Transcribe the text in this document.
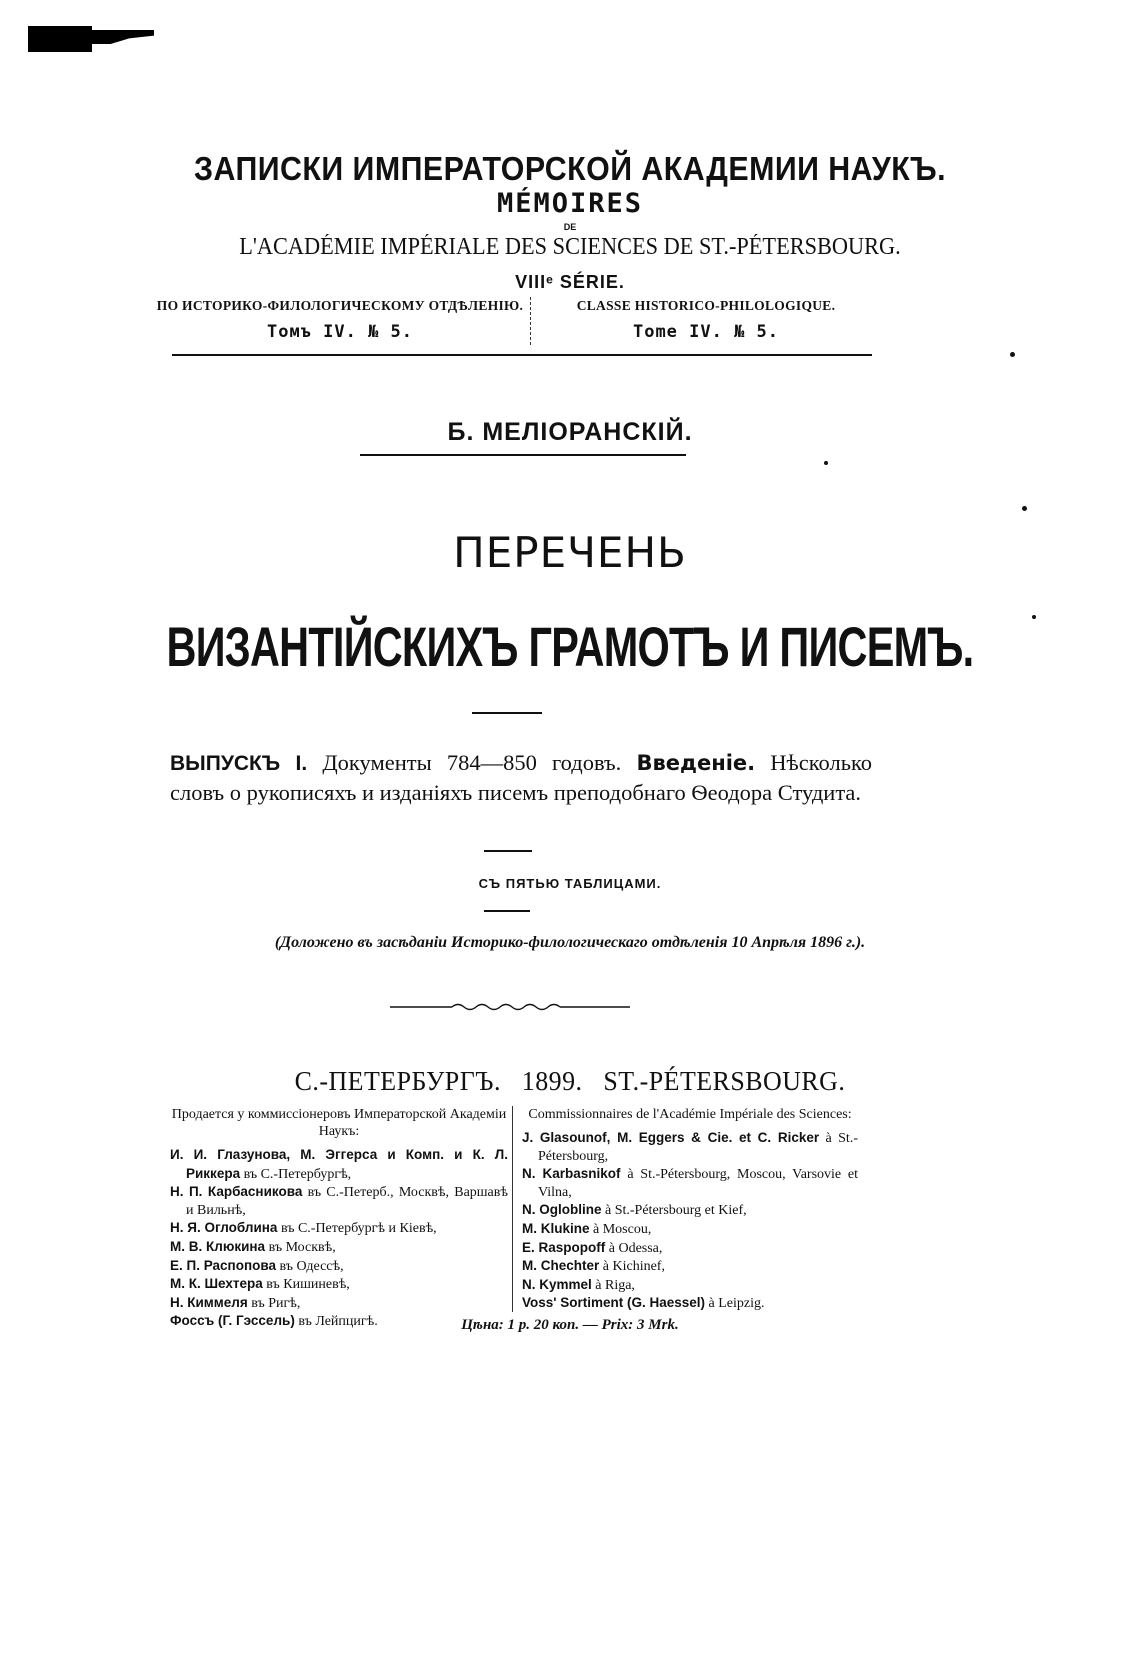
ЗАПИСКИ ИМПЕРАТОРСКОЙ АКАДЕМИИ НАУКЪ.
MÉMOIRES
DE
L'ACADÉMIE IMPÉRIALE DES SCIENCES DE ST.-PÉTERSBOURG.
VIIIᵉ SÉRIE.
ПО ИСТОРИКО-ФИЛОЛОГИЧЕСКОМУ ОТДѢЛЕНІЮ.
Томъ IV. № 5.
CLASSE HISTORICO-PHILOLOGIQUE.
Tome IV. № 5.
Б. МЕЛІОРАНСКІЙ.
ПЕРЕЧЕНЬ
ВИЗАНТІЙСКИХЪ ГРАМОТЪ И ПИСЕМЪ.
ВЫПУСКЪ I. Документы 784—850 годовъ. Введеніе. Нѣсколько словъ о рукописяхъ и изданіяхъ писемъ преподобнаго Ѳеодора Студита.
СЪ ПЯТЬЮ ТАБЛИЦАМИ.
(Доложено въ засѣданіи Историко-филологическаго отдѣленія 10 Апрѣля 1896 г.).
С.-ПЕТЕРБУРГЪ. 1899. ST.-PÉTERSBOURG.
Продается у коммиссіонеровъ Императорской Академіи Наукъ:
И. И. Глазунова, М. Эггерса и Комп. и К. Л. Риккера въ С.-Петербургѣ,
Н. П. Карбасникова въ С.-Петерб., Москвѣ, Варшавѣ и Вильнѣ,
Н. Я. Оглоблина въ С.-Петербургѣ и Кіевѣ,
М. В. Клюкина въ Москвѣ,
Е. П. Распопова въ Одессѣ,
М. К. Шехтера въ Кишиневѣ,
Н. Киммеля въ Ригѣ,
Фоссъ (Г. Гэссель) въ Лейпцигѣ.
Commissionnaires de l'Académie Impériale des Sciences:
J. Glasounof, M. Eggers & Cie. et C. Ricker à St.-Pétersbourg,
N. Karbasnikof à St.-Pétersbourg, Moscou, Varsovie et Vilna,
N. Oglobline à St.-Pétersbourg et Kief,
M. Klukine à Moscou,
E. Raspopoff à Odessa,
M. Chechter à Kichinef,
N. Kymmel à Riga,
Voss' Sortiment (G. Haessel) à Leipzig.
Цѣна: 1 р. 20 коп. — Prix: 3 Mrk.
